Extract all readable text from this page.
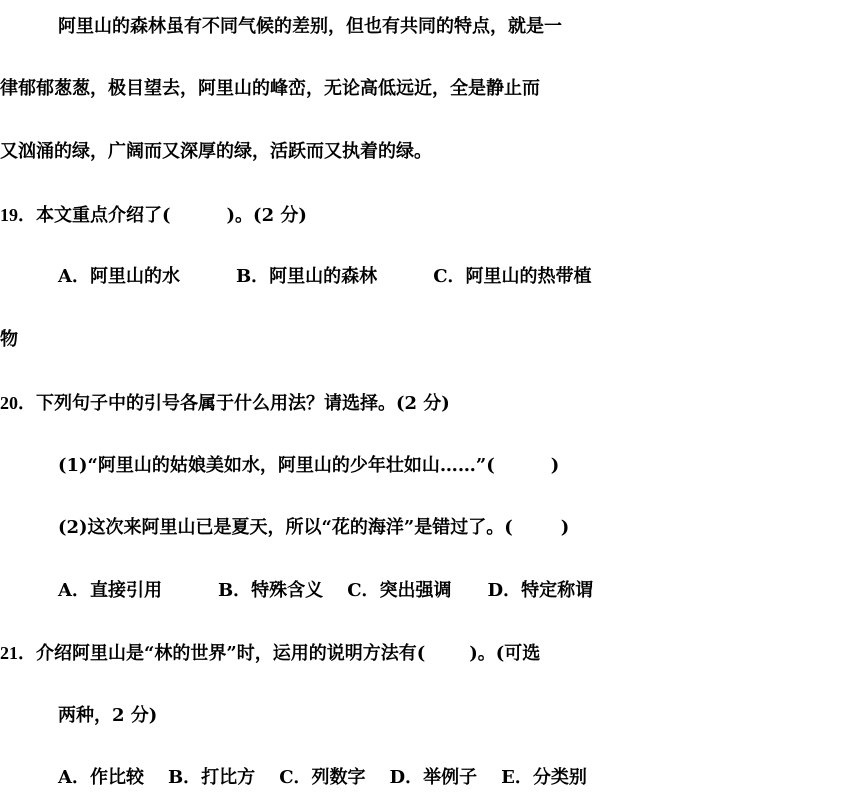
阿里山的森林虽有不同气候的差别，但也有共同的特点，就是一
律郁郁葱葱，极目望去，阿里山的峰峦，无论高低远近，全是静止而
又汹涌的绿，广阔而又深厚的绿，活跃而又执着的绿。
19．本文重点介绍了(	)。(2 分)
A．阿里山的水	B．阿里山的森林	C．阿里山的热带植
物
20．下列句子中的引号各属于什么用法？请选择。(2 分)
(1)“阿里山的姑娘美如水，阿里山的少年壮如山……”(	)
(2)这次来阿里山已是夏天，所以“花的海洋”是错过了。(	)
A．直接引用	B．特殊含义 C．突出强调 D．特定称谓
21．介绍阿里山是“林的世界”时，运用的说明方法有( )。(可选
两种，2 分)
A．作比较 B．打比方 C．列数字 D．举例子 E．分类别
